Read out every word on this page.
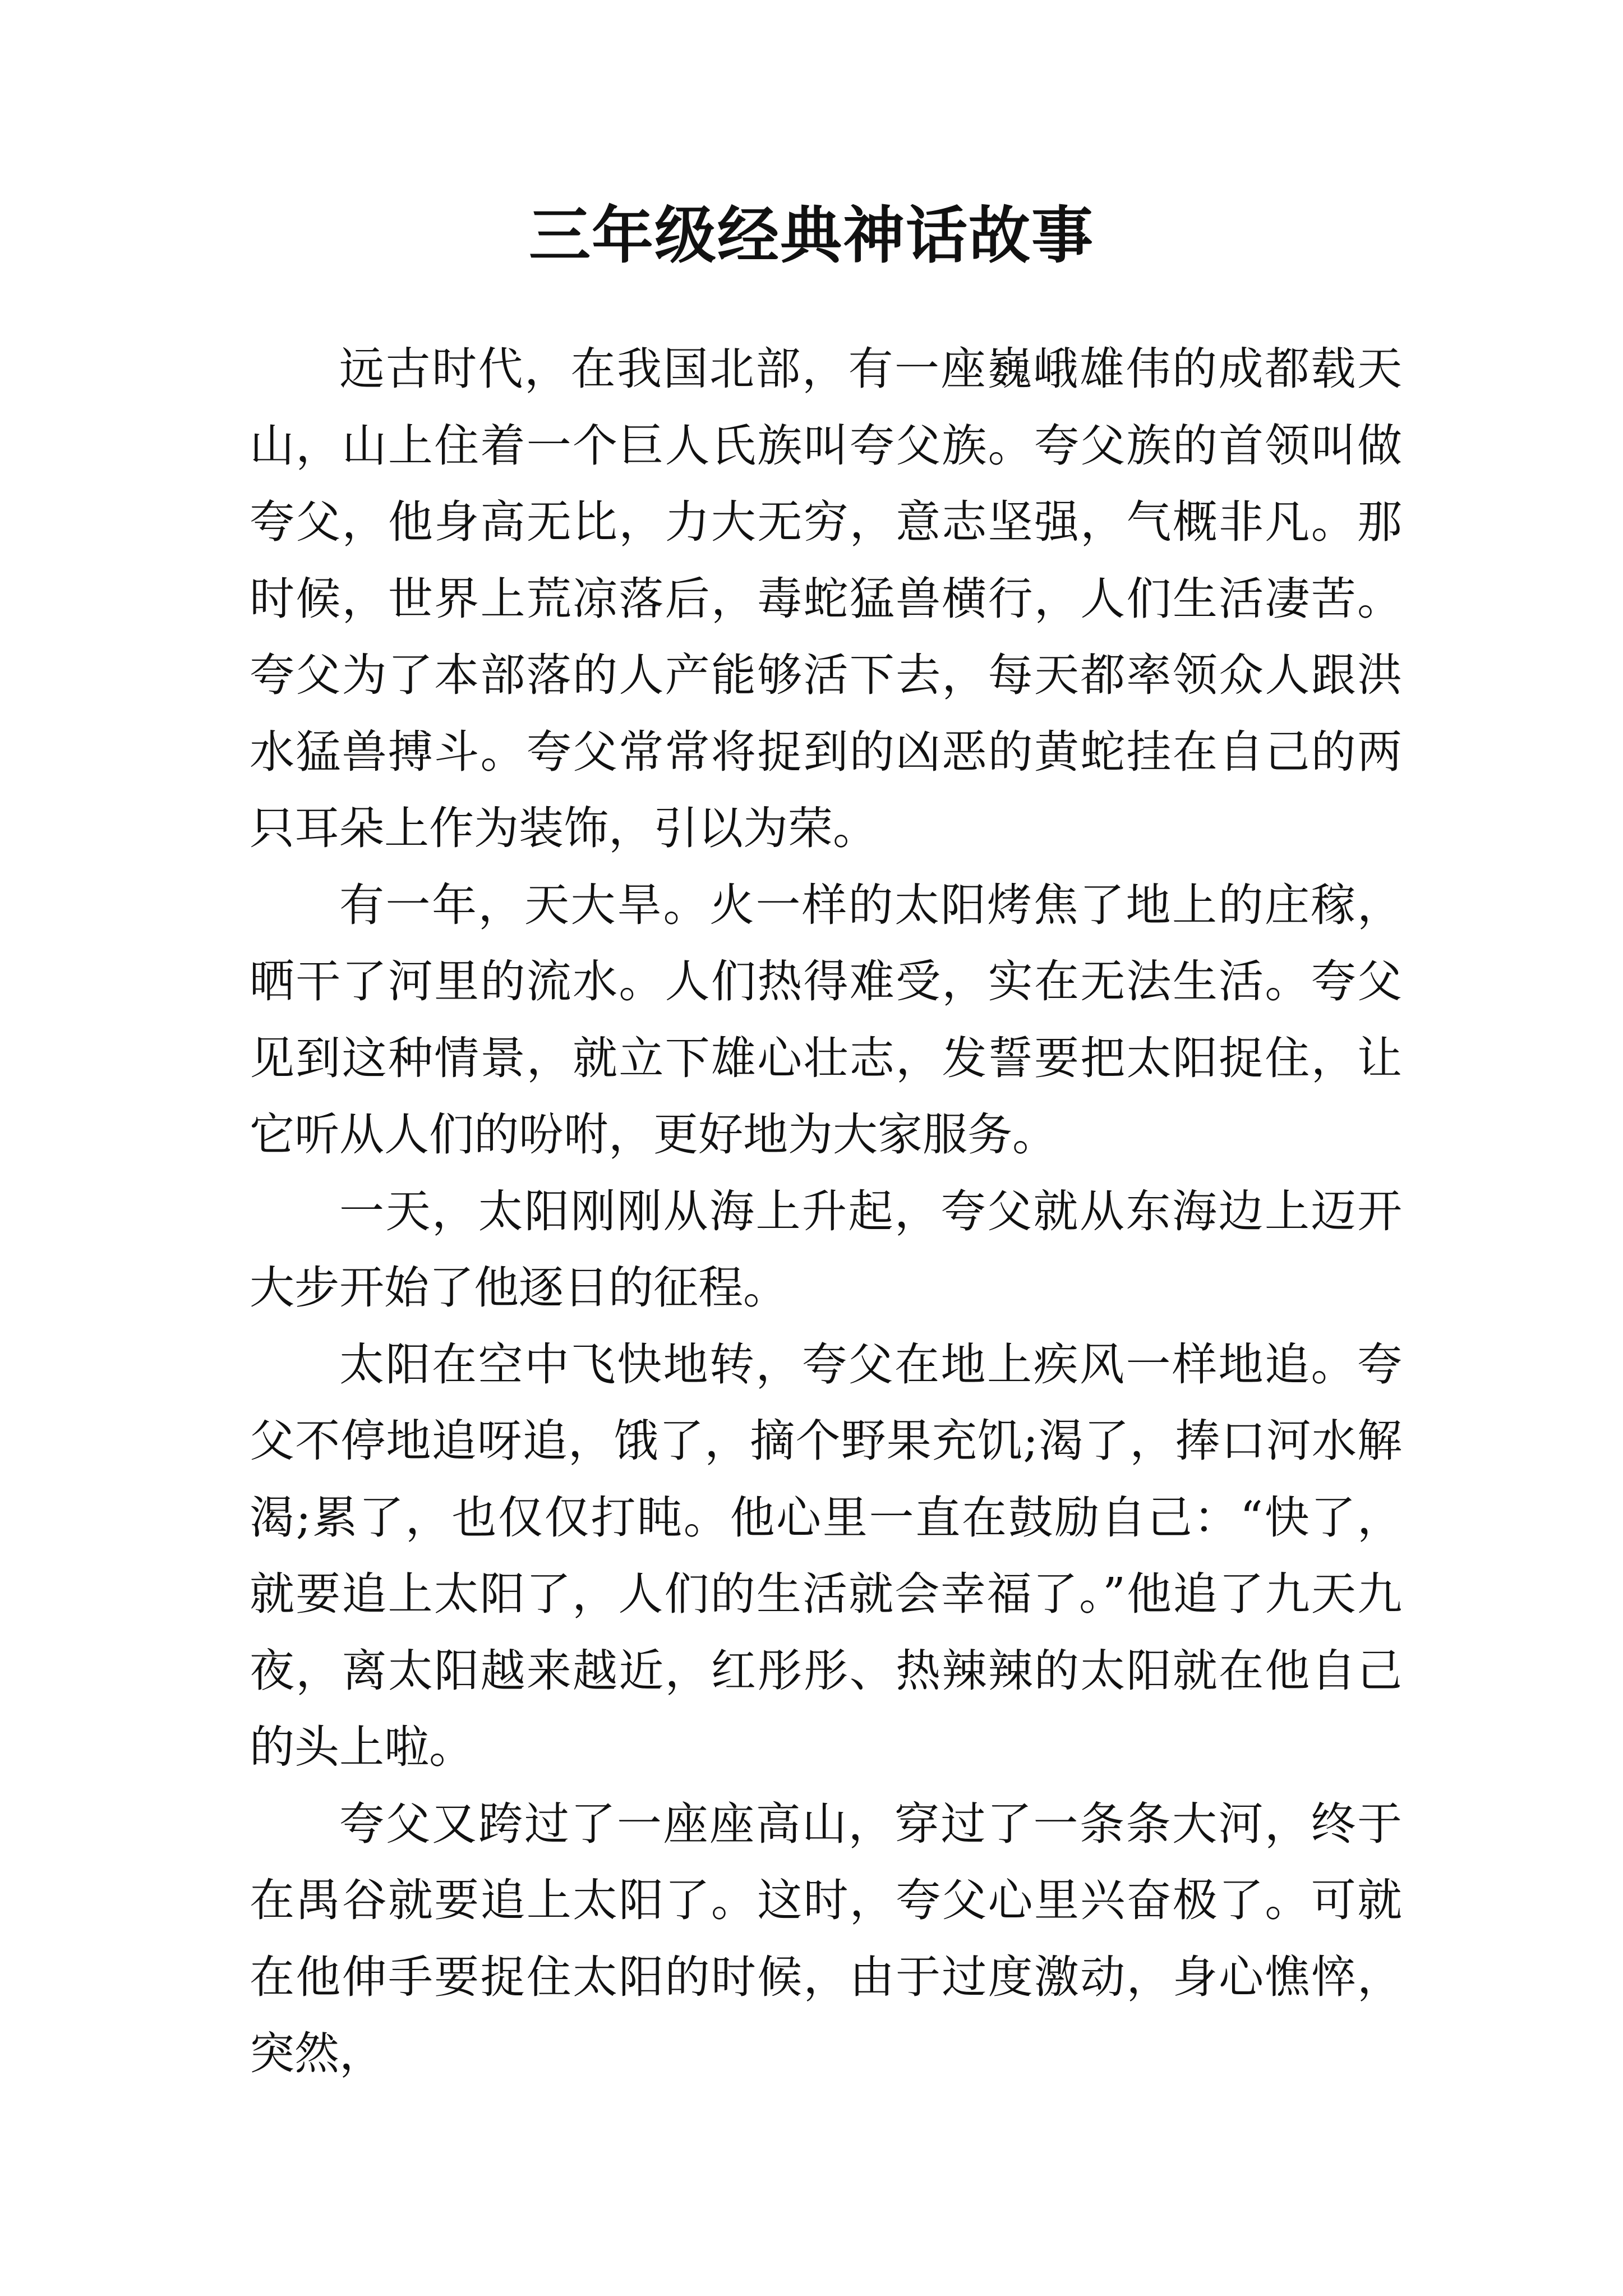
三年级经典神话故事

远古时代，在我国北部，有一座巍峨雄伟的成都载天山，山上住着一个巨人氏族叫夸父族。夸父族的首领叫做夸父，他身高无比，力大无穷，意志坚强，气概非凡。那时候，世界上荒凉落后，毒蛇猛兽横行，人们生活凄苦。夸父为了本部落的人产能够活下去，每天都率领众人跟洪水猛兽搏斗。夸父常常将捉到的凶恶的黄蛇挂在自己的两只耳朵上作为装饰，引以为荣。

有一年，天大旱。火一样的太阳烤焦了地上的庄稼，晒干了河里的流水。人们热得难受，实在无法生活。夸父见到这种情景，就立下雄心壮志，发誓要把太阳捉住，让它听从人们的吩咐，更好地为大家服务。

一天，太阳刚刚从海上升起，夸父就从东海边上迈开大步开始了他逐日的征程。

太阳在空中飞快地转，夸父在地上疾风一样地追。夸父不停地追呀追，饿了，摘个野果充饥;渴了，捧口河水解渴;累了，也仅仅打盹。他心里一直在鼓励自己：“快了，就要追上太阳了，人们的生活就会幸福了。”他追了九天九夜，离太阳越来越近，红彤彤、热辣辣的太阳就在他自己的头上啦。

夸父又跨过了一座座高山，穿过了一条条大河，终于在禺谷就要追上太阳了。这时，夸父心里兴奋极了。可就在他伸手要捉住太阳的时候，由于过度激动，身心憔悴，突然，
